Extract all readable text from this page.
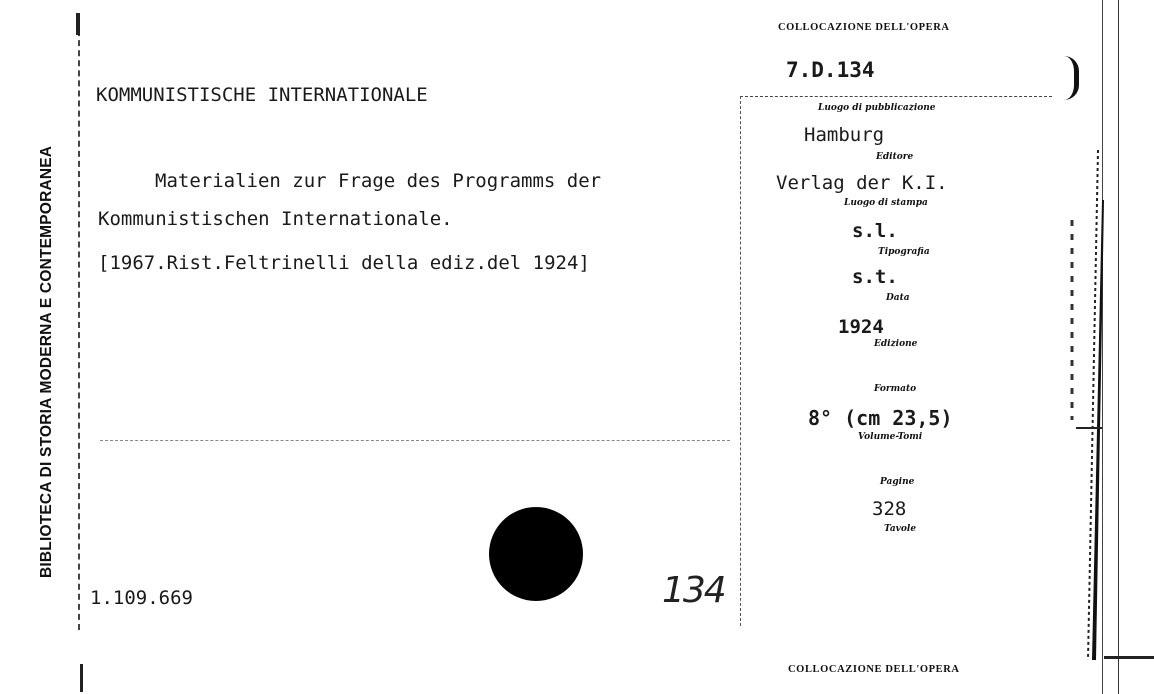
BIBLIOTECA DI STORIA MODERNA E CONTEMPORANEA
KOMMUNISTISCHE INTERNATIONALE
Materialien zur Frage des Programms der
Kommunistischen Internationale.
[1967.Rist.Feltrinelli della ediz.del 1924]
1.109.669	134
COLLOCAZIONE DELL'OPERA
7.D.134
Luogo di pubblicazione
Hamburg
Editore
Verlag der K.I.
Luogo di stampa
s.l.
Tipografia
s.t.
Data
1924
Edizione
Formato
8° (cm 23,5)
Volume-Tomi
Pagine
328
Tavole
COLLOCAZIONE DELL'OPERA
